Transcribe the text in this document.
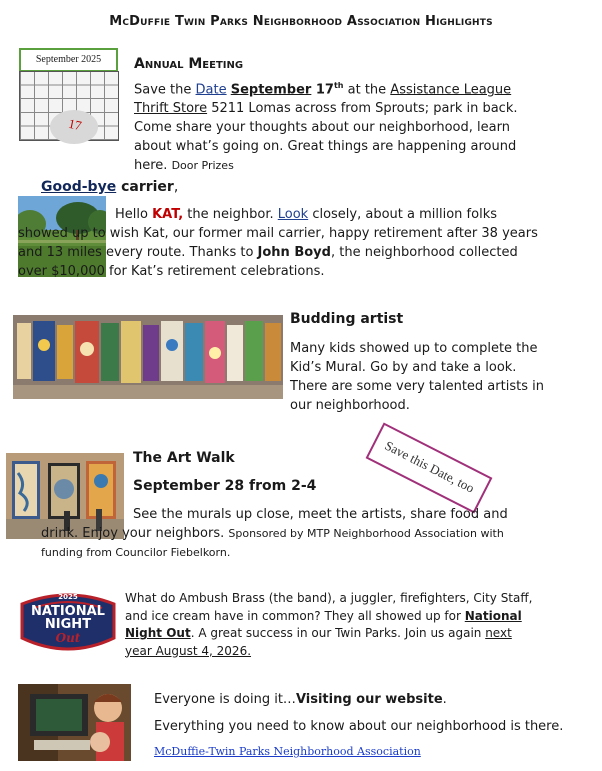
McDuffie Twin Parks Neighborhood Association Highlights
September 2025
17
Annual Meeting
Save the Date September 17th at the Assistance League Thrift Store 5211 Lomas across from Sprouts; park in back. Come share your thoughts about our neighborhood, learn about what’s going on. Great things are happening around here. Door Prizes
Good-bye carrier,
Hello KAT, the neighbor. Look closely, about a million folks showed up to wish Kat, our former mail carrier, happy retirement after 38 years and 13 miles every route. Thanks to John Boyd, the neighborhood collected over $10,000 for Kat’s retirement celebrations.
Budding artist
Many kids showed up to complete the Kid’s Mural. Go by and take a look. There are some very talented artists in our neighborhood.
Save this Date, too
The Art Walk
September 28 from 2-4
See the murals up close, meet the artists, share food and drink. Enjoy your neighbors. Sponsored by MTP Neighborhood Association with funding from Councilor Fiebelkorn.
2025
NATIONAL
NIGHT
Out
What do Ambush Brass (the band), a juggler, firefighters, City Staff, and ice cream have in common? They all showed up for National Night Out. A great success in our Twin Parks. Join us again next year August 4, 2026.
Everyone is doing it…Visiting our website.
Everything you need to know about our neighborhood is there.
McDuffie-Twin Parks Neighborhood Association
